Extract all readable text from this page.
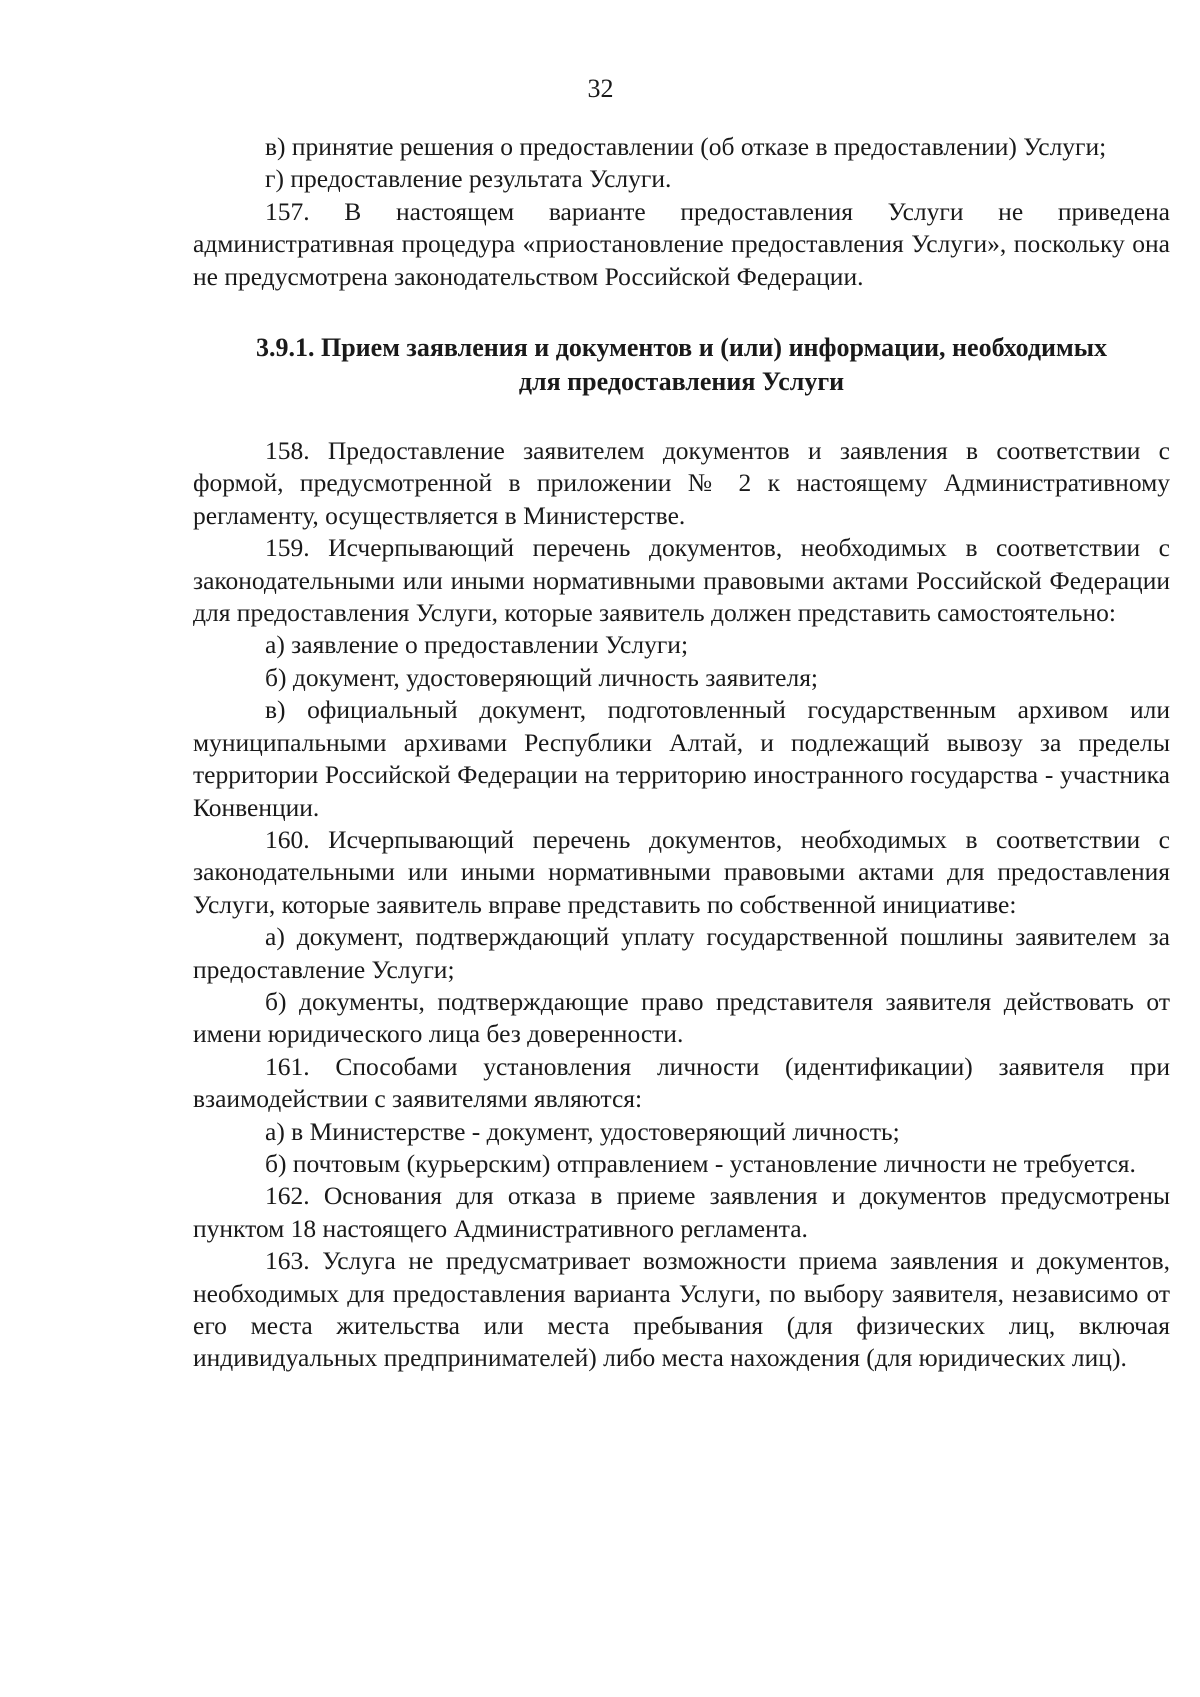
32

в) принятие решения о предоставлении (об отказе в предоставлении) Услуги;

г) предоставление результата Услуги.

157. В настоящем варианте предоставления Услуги не приведена административная процедура «приостановление предоставления Услуги», поскольку она не предусмотрена законодательством Российской Федерации.

3.9.1. Прием заявления и документов и (или) информации, необходимых
для предоставления Услуги

158. Предоставление заявителем документов и заявления в соответствии с формой, предусмотренной в приложении № 2 к настоящему Административному регламенту, осуществляется в Министерстве.

159. Исчерпывающий перечень документов, необходимых в соответствии с законодательными или иными нормативными правовыми актами Российской Федерации для предоставления Услуги, которые заявитель должен представить самостоятельно:

а) заявление о предоставлении Услуги;

б) документ, удостоверяющий личность заявителя;

в) официальный документ, подготовленный государственным архивом или муниципальными архивами Республики Алтай, и подлежащий вывозу за пределы территории Российской Федерации на территорию иностранного государства - участника Конвенции.

160. Исчерпывающий перечень документов, необходимых в соответствии с законодательными или иными нормативными правовыми актами для предоставления Услуги, которые заявитель вправе представить по собственной инициативе:

а) документ, подтверждающий уплату государственной пошлины заявителем за предоставление Услуги;

б) документы, подтверждающие право представителя заявителя действовать от имени юридического лица без доверенности.

161. Способами установления личности (идентификации) заявителя при взаимодействии с заявителями являются:

а) в Министерстве - документ, удостоверяющий личность;

б) почтовым (курьерским) отправлением - установление личности не требуется.

162. Основания для отказа в приеме заявления и документов предусмотрены пунктом 18 настоящего Административного регламента.

163. Услуга не предусматривает возможности приема заявления и документов, необходимых для предоставления варианта Услуги, по выбору заявителя, независимо от его места жительства или места пребывания (для физических лиц, включая индивидуальных предпринимателей) либо места нахождения (для юридических лиц).
